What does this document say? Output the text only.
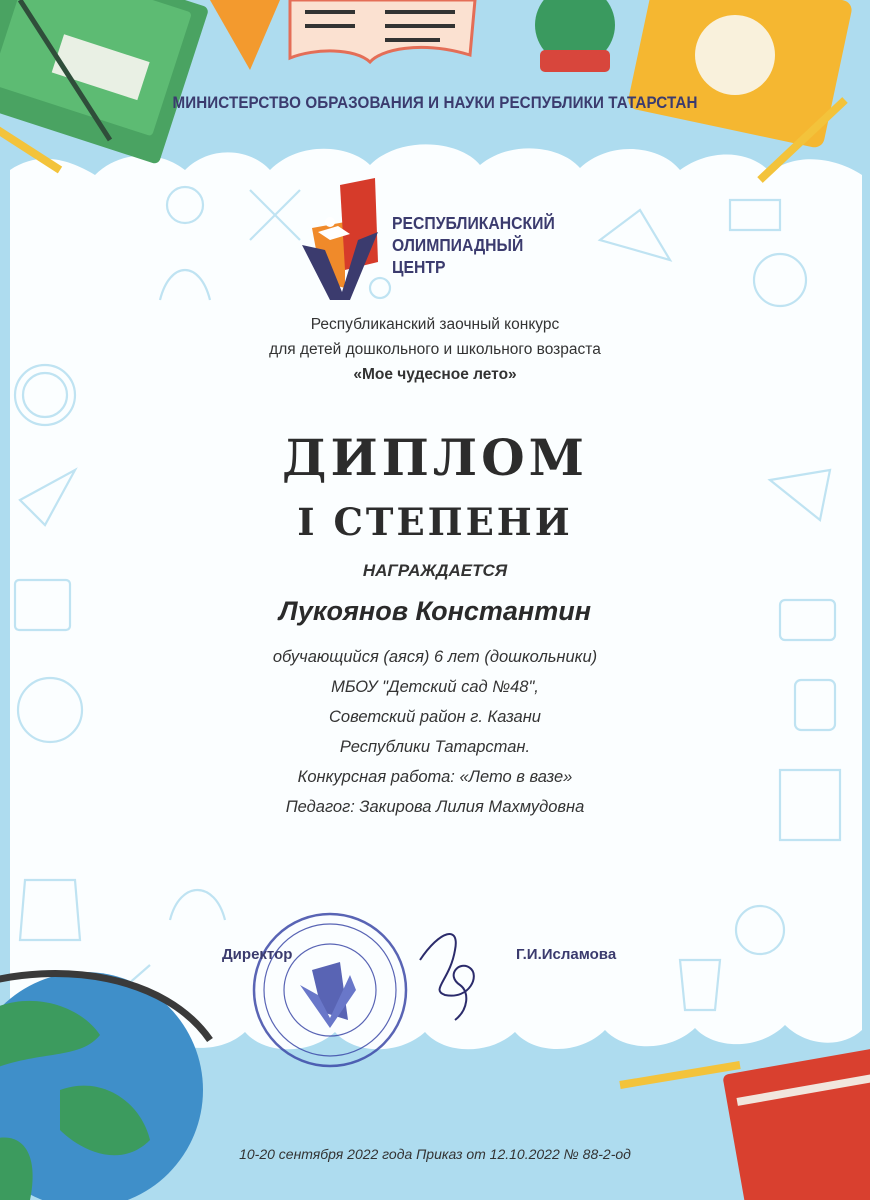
МИНИСТЕРСТВО ОБРАЗОВАНИЯ И НАУКИ РЕСПУБЛИКИ ТАТАРСТАН
РЕСПУБЛИКАНСКИЙ
ОЛИМПИАДНЫЙ
ЦЕНТР
Республиканский заочный конкурс
для детей дошкольного и школьного возраста
«Мое чудесное лето»
ДИПЛОМ
I СТЕПЕНИ
НАГРАЖДАЕТСЯ
Лукоянов Константин
обучающийся (аяся) 6 лет (дошкольники)
МБОУ "Детский сад №48",
Советский район г. Казани
Республики Татарстан.
Конкурсная работа: «Лето в вазе»
Педагог: Закирова Лилия Махмудовна
Директор	Г.И.Исламова
10-20 сентября 2022 года Приказ от 12.10.2022 № 88-2-од
